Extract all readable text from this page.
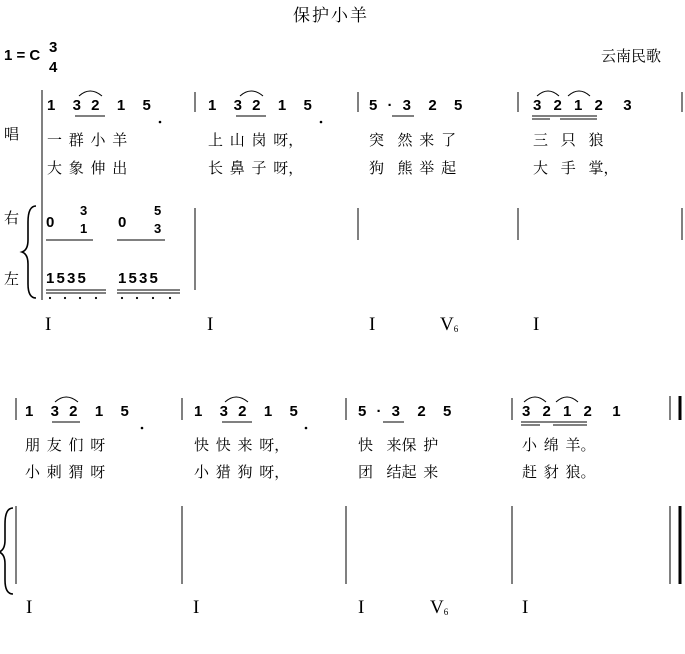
保护小羊
1 = C 3
4
云南民歌
唱
右
左
1  3 2  1  5	1  3 2  1  5	5 · 3  2  5	3 2 1 2  3
一 群 小 羊	上 山 岗 呀，	突  然 来 了	三 只 狼
大 象 伸 出	长 鼻 子 呀，	狗  熊 举 起	大 手 掌，
0
3
1 0
5
3
1 5 3 5 1 5 3 5
I	I	I	$V_6$	I
1  3 2  1  5	1  3 2  1  5	5 · 3  2  5	3 2 1 2  1
朋 友 们 呀	快 快 来 呀，	快  来保 护	小 绵 羊。
小 刺 猬 呀	小 猎 狗 呀，	团  结起 来	赶 豺 狼。
I	I	I	$V_6$	I
